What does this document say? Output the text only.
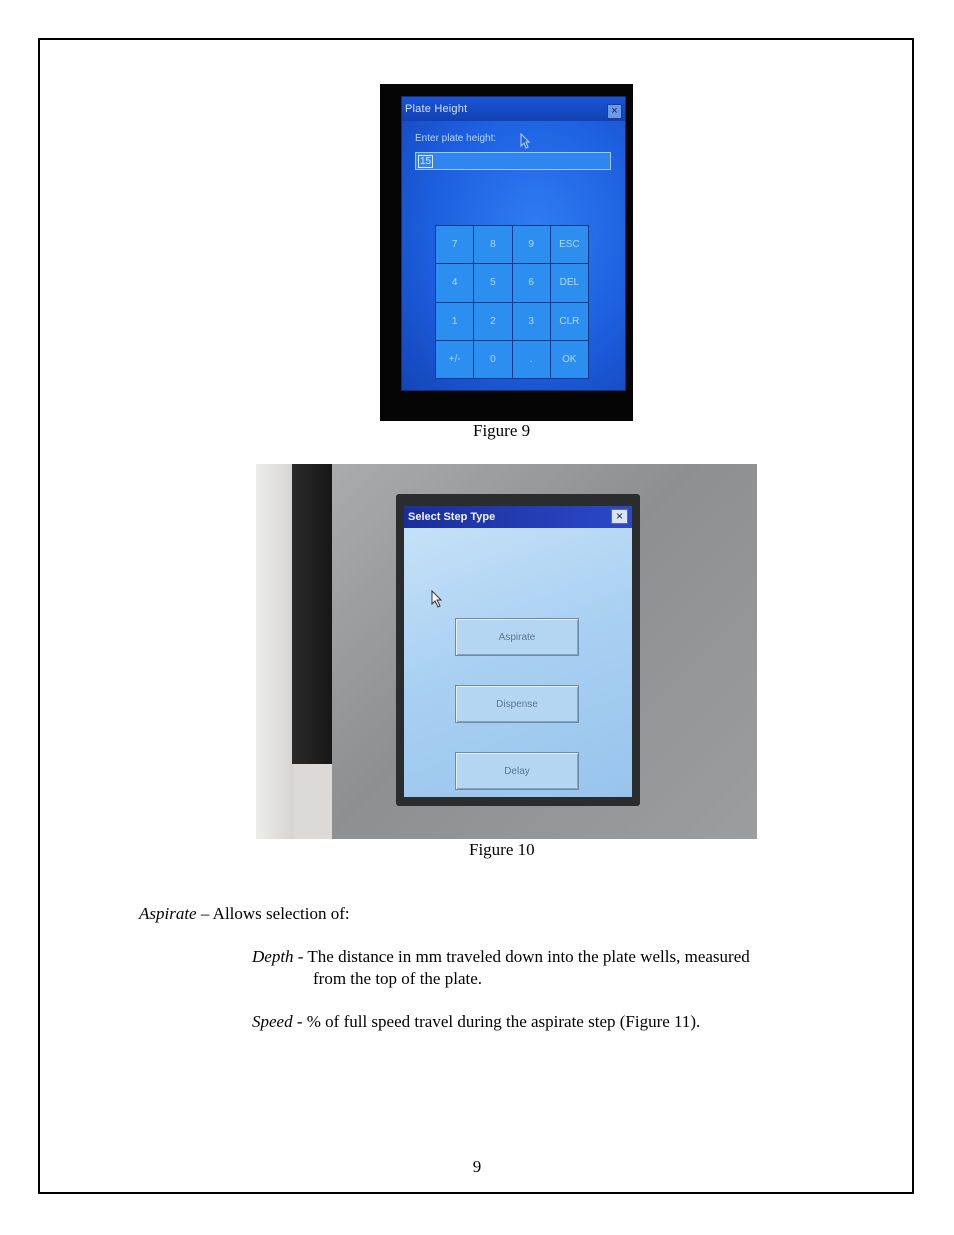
Plate Height	×
Enter plate height:
15
7	8	9	ESC
4	5	6	DEL
1	2	3	CLR
+/-	0	.	OK
Figure 9
Select Step Type	×
Aspirate
Dispense
Delay
Figure 10
Aspirate – Allows selection of:
Depth - The distance in mm traveled down into the plate wells, measured
from the top of the plate.
Speed - % of full speed travel during the aspirate step (Figure 11).
9
